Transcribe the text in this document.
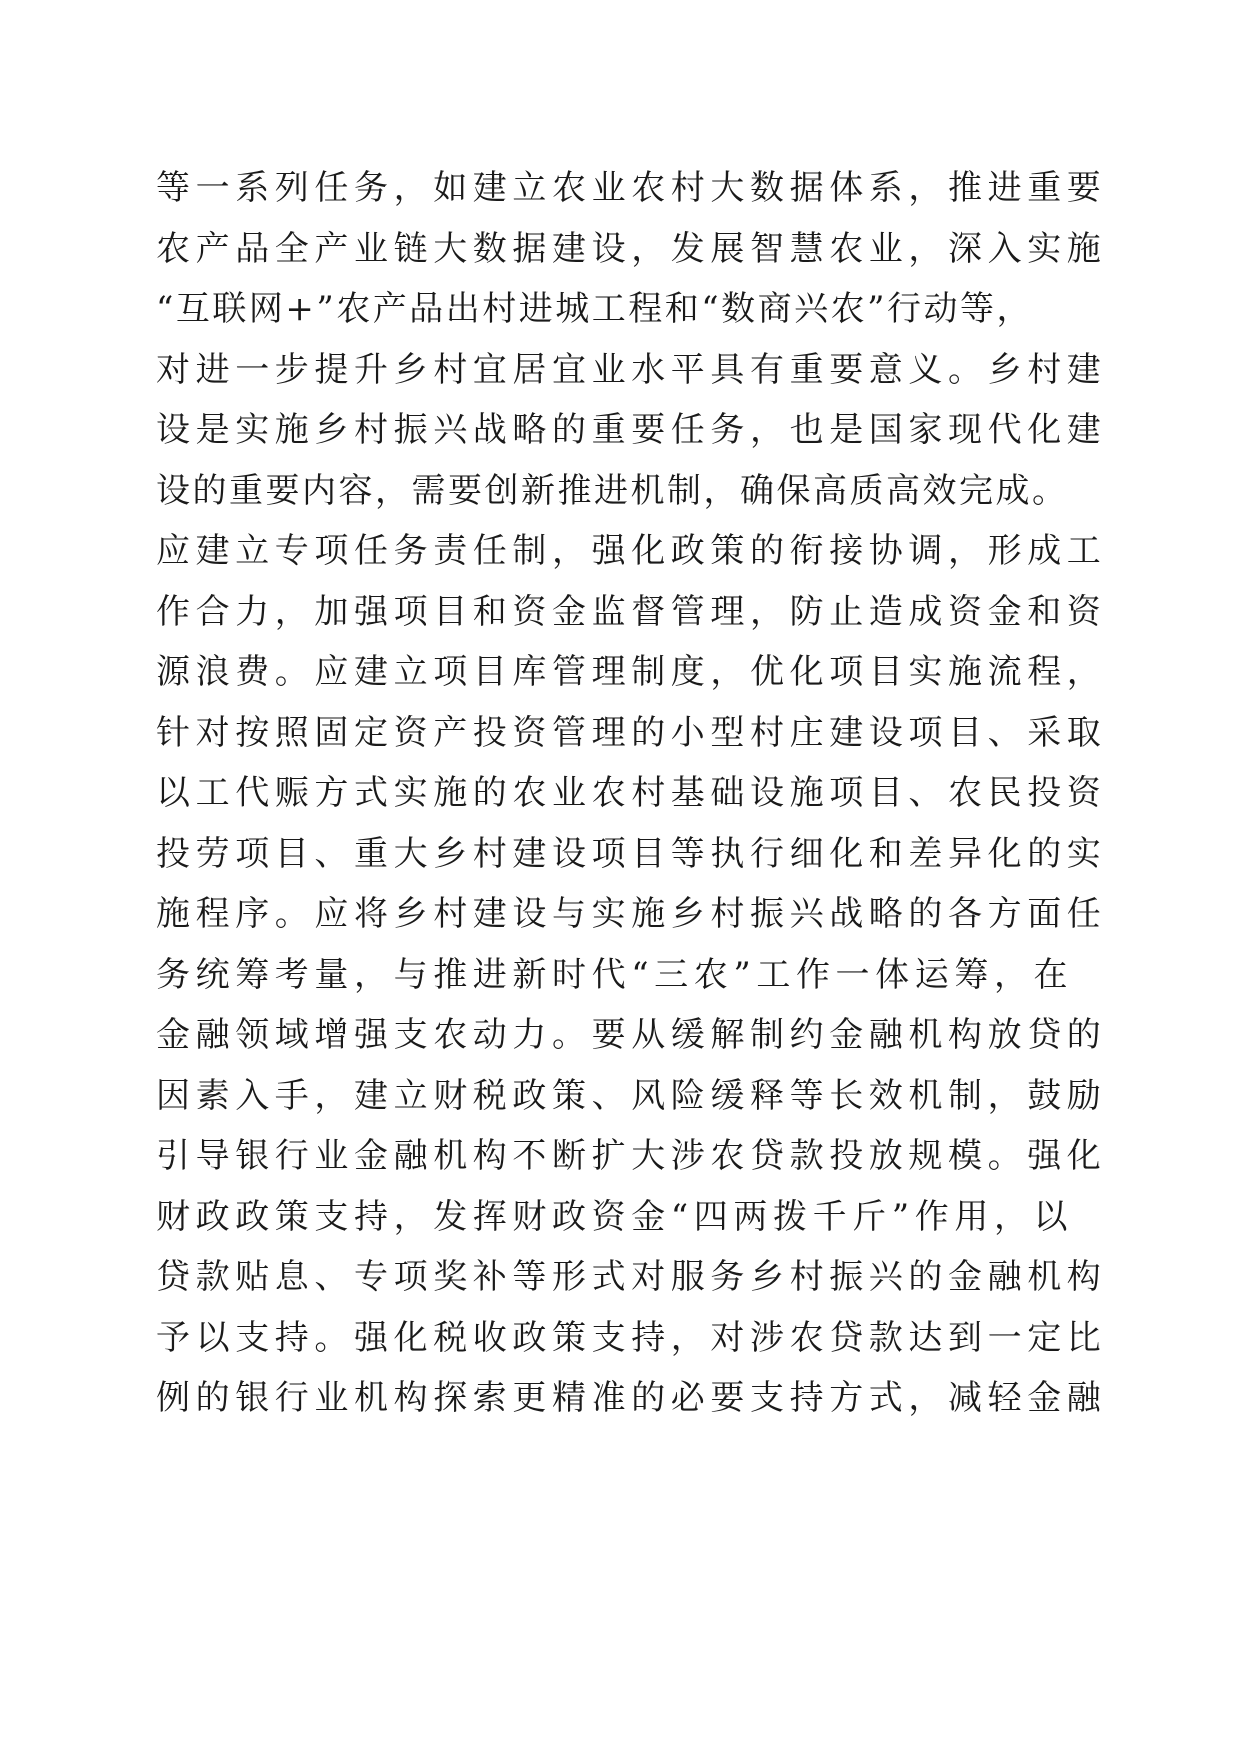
等一系列任务，如建立农业农村大数据体系，推进重要
农产品全产业链大数据建设，发展智慧农业，深入实施
“互联网+”农产品出村进城工程和“数商兴农”行动等，
对进一步提升乡村宜居宜业水平具有重要意义。乡村建
设是实施乡村振兴战略的重要任务，也是国家现代化建
设的重要内容，需要创新推进机制，确保高质高效完成。
应建立专项任务责任制，强化政策的衔接协调，形成工
作合力，加强项目和资金监督管理，防止造成资金和资
源浪费。应建立项目库管理制度，优化项目实施流程，
针对按照固定资产投资管理的小型村庄建设项目、采取
以工代赈方式实施的农业农村基础设施项目、农民投资
投劳项目、重大乡村建设项目等执行细化和差异化的实
施程序。应将乡村建设与实施乡村振兴战略的各方面任
务统筹考量，与推进新时代“三农”工作一体运筹，在
金融领域增强支农动力。要从缓解制约金融机构放贷的
因素入手，建立财税政策、风险缓释等长效机制，鼓励
引导银行业金融机构不断扩大涉农贷款投放规模。强化
财政政策支持，发挥财政资金“四两拨千斤”作用，以
贷款贴息、专项奖补等形式对服务乡村振兴的金融机构
予以支持。强化税收政策支持，对涉农贷款达到一定比
例的银行业机构探索更精准的必要支持方式，减轻金融
